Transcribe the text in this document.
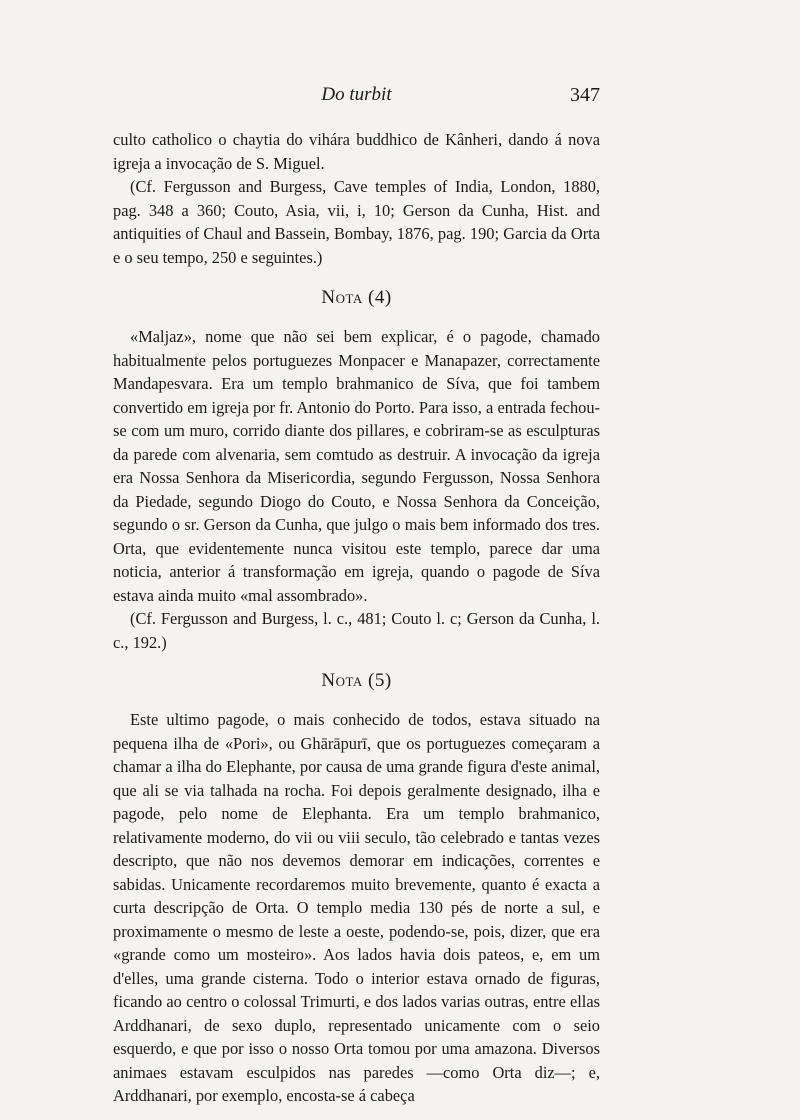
Do turbit	347

culto catholico o chaytia do vihára buddhico de Kânheri, dando á nova igreja a invocação de S. Miguel.

(Cf. Fergusson and Burgess, Cave temples of India, London, 1880, pag. 348 a 360; Couto, Asia, vii, i, 10; Gerson da Cunha, Hist. and antiquities of Chaul and Bassein, Bombay, 1876, pag. 190; Garcia da Orta e o seu tempo, 250 e seguintes.)

Nota (4)

«Maljaz», nome que não sei bem explicar, é o pagode, chamado habitualmente pelos portuguezes Monpacer e Manapazer, correctamente Mandapesvara. Era um templo brahmanico de Síva, que foi tambem convertido em igreja por fr. Antonio do Porto. Para isso, a entrada fechou-se com um muro, corrido diante dos pillares, e cobriram-se as esculpturas da parede com alvenaria, sem comtudo as destruir. A invocação da igreja era Nossa Senhora da Misericordia, segundo Fergusson, Nossa Senhora da Piedade, segundo Diogo do Couto, e Nossa Senhora da Conceição, segundo o sr. Gerson da Cunha, que julgo o mais bem informado dos tres. Orta, que evidentemente nunca visitou este templo, parece dar uma noticia, anterior á transformação em igreja, quando o pagode de Síva estava ainda muito «mal assombrado».

(Cf. Fergusson and Burgess, l. c., 481; Couto l. c; Gerson da Cunha, l. c., 192.)

Nota (5)

Este ultimo pagode, o mais conhecido de todos, estava situado na pequena ilha de «Pori», ou Ghārāpurī, que os portuguezes começaram a chamar a ilha do Elephante, por causa de uma grande figura d'este animal, que ali se via talhada na rocha. Foi depois geralmente designado, ilha e pagode, pelo nome de Elephanta. Era um templo brahmanico, relativamente moderno, do vii ou viii seculo, tão celebrado e tantas vezes descripto, que não nos devemos demorar em indicações, correntes e sabidas. Unicamente recordaremos muito brevemente, quanto é exacta a curta descripção de Orta. O templo media 130 pés de norte a sul, e proximamente o mesmo de leste a oeste, podendo-se, pois, dizer, que era «grande como um mosteiro». Aos lados havia dois pateos, e, em um d'elles, uma grande cisterna. Todo o interior estava ornado de figuras, ficando ao centro o colossal Trimurti, e dos lados varias outras, entre ellas Arddhanari, de sexo duplo, representado unicamente com o seio esquerdo, e que por isso o nosso Orta tomou por uma amazona. Diversos animaes estavam esculpidos nas paredes —como Orta diz—; e, Arddhanari, por exemplo, encosta-se á cabeça
